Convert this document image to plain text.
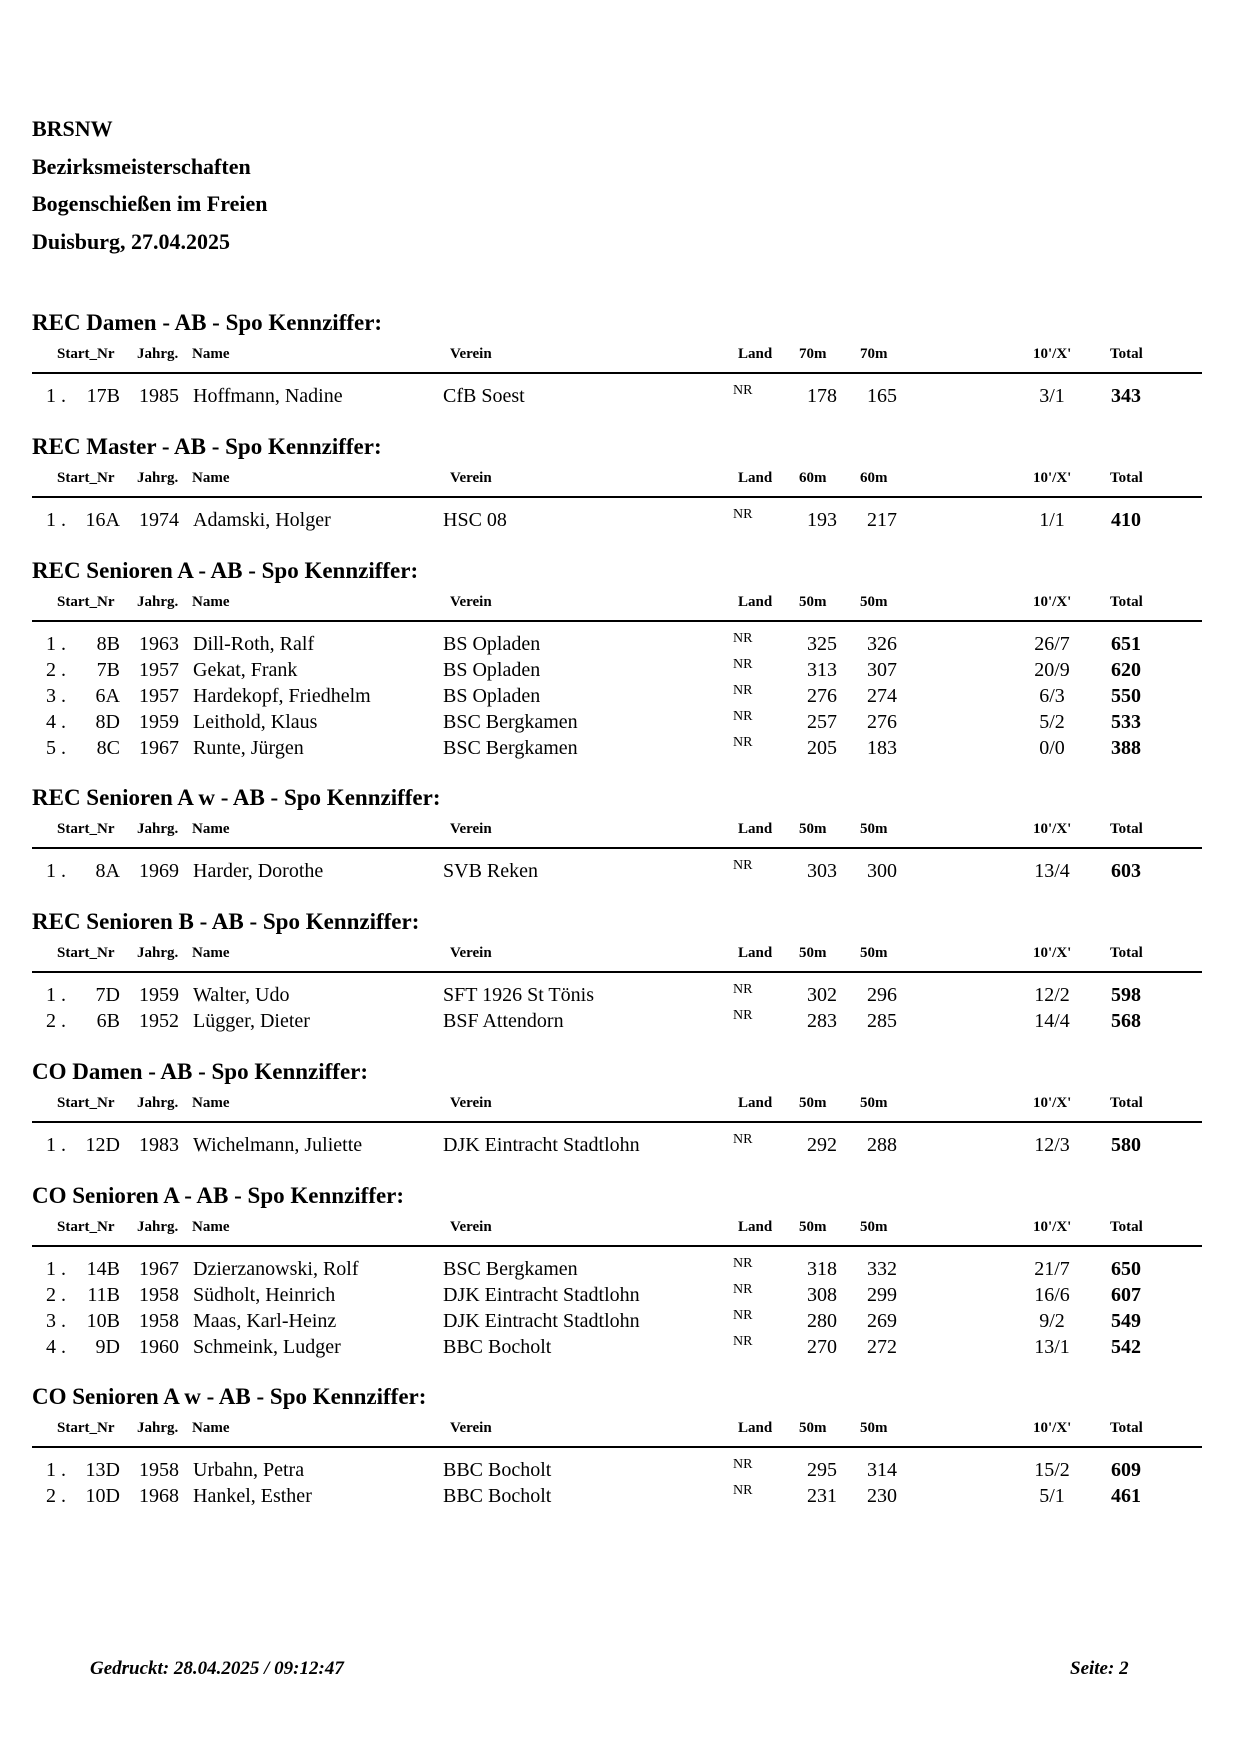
BRSNW
Bezirksmeisterschaften
Bogenschießen im Freien
Duisburg, 27.04.2025
REC Damen - AB - Spo Kennziffer:
Start_Nr Jahrg. Name	Verein	Land 70m 70m	10'/X'	Total
1 . 17B 1985 Hoffmann, Nadine	CfB Soest	NR	178 165	3/1	343
REC Master - AB - Spo Kennziffer:
Start_Nr Jahrg. Name	Verein	Land 60m 60m	10'/X'	Total
1 . 16A 1974 Adamski, Holger	HSC 08	NR	193 217	1/1	410
REC Senioren A - AB - Spo Kennziffer:
Start_Nr Jahrg. Name	Verein	Land 50m 50m	10'/X'	Total
1 . 8B 1963 Dill-Roth, Ralf	BS Opladen	NR	325 326	26/7	651
2 . 7B 1957 Gekat, Frank	BS Opladen	NR	313 307	20/9	620
3 . 6A 1957 Hardekopf, Friedhelm	BS Opladen	NR	276 274	6/3	550
4 . 8D 1959 Leithold, Klaus	BSC Bergkamen	NR	257 276	5/2	533
5 . 8C 1967 Runte, Jürgen	BSC Bergkamen	NR	205 183	0/0	388
REC Senioren A w - AB - Spo Kennziffer:
Start_Nr Jahrg. Name	Verein	Land 50m 50m	10'/X'	Total
1 . 8A 1969 Harder, Dorothe	SVB Reken	NR	303 300	13/4	603
REC Senioren B - AB - Spo Kennziffer:
Start_Nr Jahrg. Name	Verein	Land 50m 50m	10'/X'	Total
1 . 7D 1959 Walter, Udo	SFT 1926 St Tönis	NR	302 296	12/2	598
2 . 6B 1952 Lügger, Dieter	BSF Attendorn	NR	283 285	14/4	568
CO Damen - AB - Spo Kennziffer:
Start_Nr Jahrg. Name	Verein	Land 50m 50m	10'/X'	Total
1 . 12D 1983 Wichelmann, Juliette	DJK Eintracht Stadtlohn	NR	292 288	12/3	580
CO Senioren A - AB - Spo Kennziffer:
Start_Nr Jahrg. Name	Verein	Land 50m 50m	10'/X'	Total
1 . 14B 1967 Dzierzanowski, Rolf	BSC Bergkamen	NR	318 332	21/7	650
2 . 11B 1958 Südholt, Heinrich	DJK Eintracht Stadtlohn	NR	308 299	16/6	607
3 . 10B 1958 Maas, Karl-Heinz	DJK Eintracht Stadtlohn	NR	280 269	9/2	549
4 . 9D 1960 Schmeink, Ludger	BBC Bocholt	NR	270 272	13/1	542
CO Senioren A w - AB - Spo Kennziffer:
Start_Nr Jahrg. Name	Verein	Land 50m 50m	10'/X'	Total
1 . 13D 1958 Urbahn, Petra	BBC Bocholt	NR	295 314	15/2	609
2 . 10D 1968 Hankel, Esther	BBC Bocholt	NR	231 230	5/1	461
Gedruckt: 28.04.2025 / 09:12:47	Seite: 2
